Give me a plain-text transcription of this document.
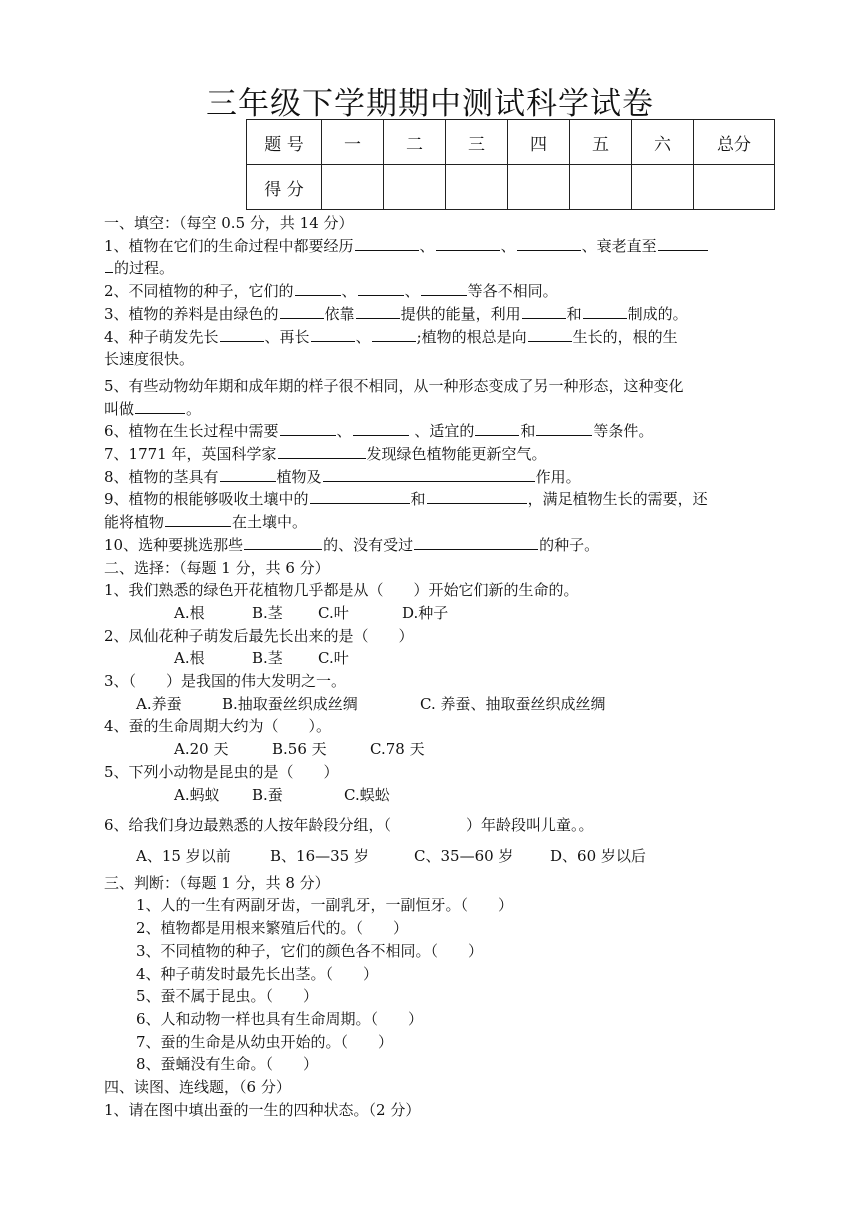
三年级下学期期中测试科学试卷
题 号	一	二	三	四	五	六	总分
得 分							
一、填空：（每空 0.5 分，共 14 分）
1、植物在它们的生命过程中都要经历	、	、	、衰老直至
的过程。
2、不同植物的种子，它们的	、	、	等各不相同。
3、植物的养料是由绿色的	依靠	提供的能量，利用	和	制成的。
4、种子萌发先长	、再长	、	;植物的根总是向	生长的，根的生
长速度很快。
5、有些动物幼年期和成年期的样子很不相同，从一种形态变成了另一种形态，这种变化
叫做	。
6、植物在生长过程中需要	、	、适宜的	和	等条件。
7、1771 年，英国科学家	发现绿色植物能更新空气。
8、植物的茎具有	植物及	作用。
9、植物的根能够吸收土壤中的	和	，满足植物生长的需要，还
能将植物	在土壤中。
10、选种要挑选那些	的、没有受过	的种子。
二、选择：（每题 1 分，共 6 分）
1、我们熟悉的绿色开花植物几乎都是从（　　）开始它们新的生命的。
A.根	B.茎 C.叶	D.种子
2、凤仙花种子萌发后最先长出来的是（　　）
A.根	B.茎 C.叶
3、（　　）是我国的伟大发明之一。
A.养蚕	B.抽取蚕丝织成丝绸	C. 养蚕、抽取蚕丝织成丝绸
4、蚕的生命周期大约为（　　）。
A.20 天	B.56 天	C.78 天
5、下列小动物是昆虫的是（　　）
A.蚂蚁 B.蚕	C.蜈蚣
6、给我们身边最熟悉的人按年龄段分组，（　　　　　）年龄段叫儿童。。
A、15 岁以前	B、16—35 岁	C、35—60 岁 D、60 岁以后
三、判断：（每题 1 分，共 8 分）
1、人的一生有两副牙齿，一副乳牙，一副恒牙。（　　）
2、植物都是用根来繁殖后代的。（　　）
3、不同植物的种子，它们的颜色各不相同。（　　）
4、种子萌发时最先长出茎。（　　）
5、蚕不属于昆虫。（　　）
6、人和动物一样也具有生命周期。（　　）
7、蚕的生命是从幼虫开始的。（　　）
8、蚕蛹没有生命。（　　）
四、读图、连线题，（6 分）
1、请在图中填出蚕的一生的四种状态。（2 分）
